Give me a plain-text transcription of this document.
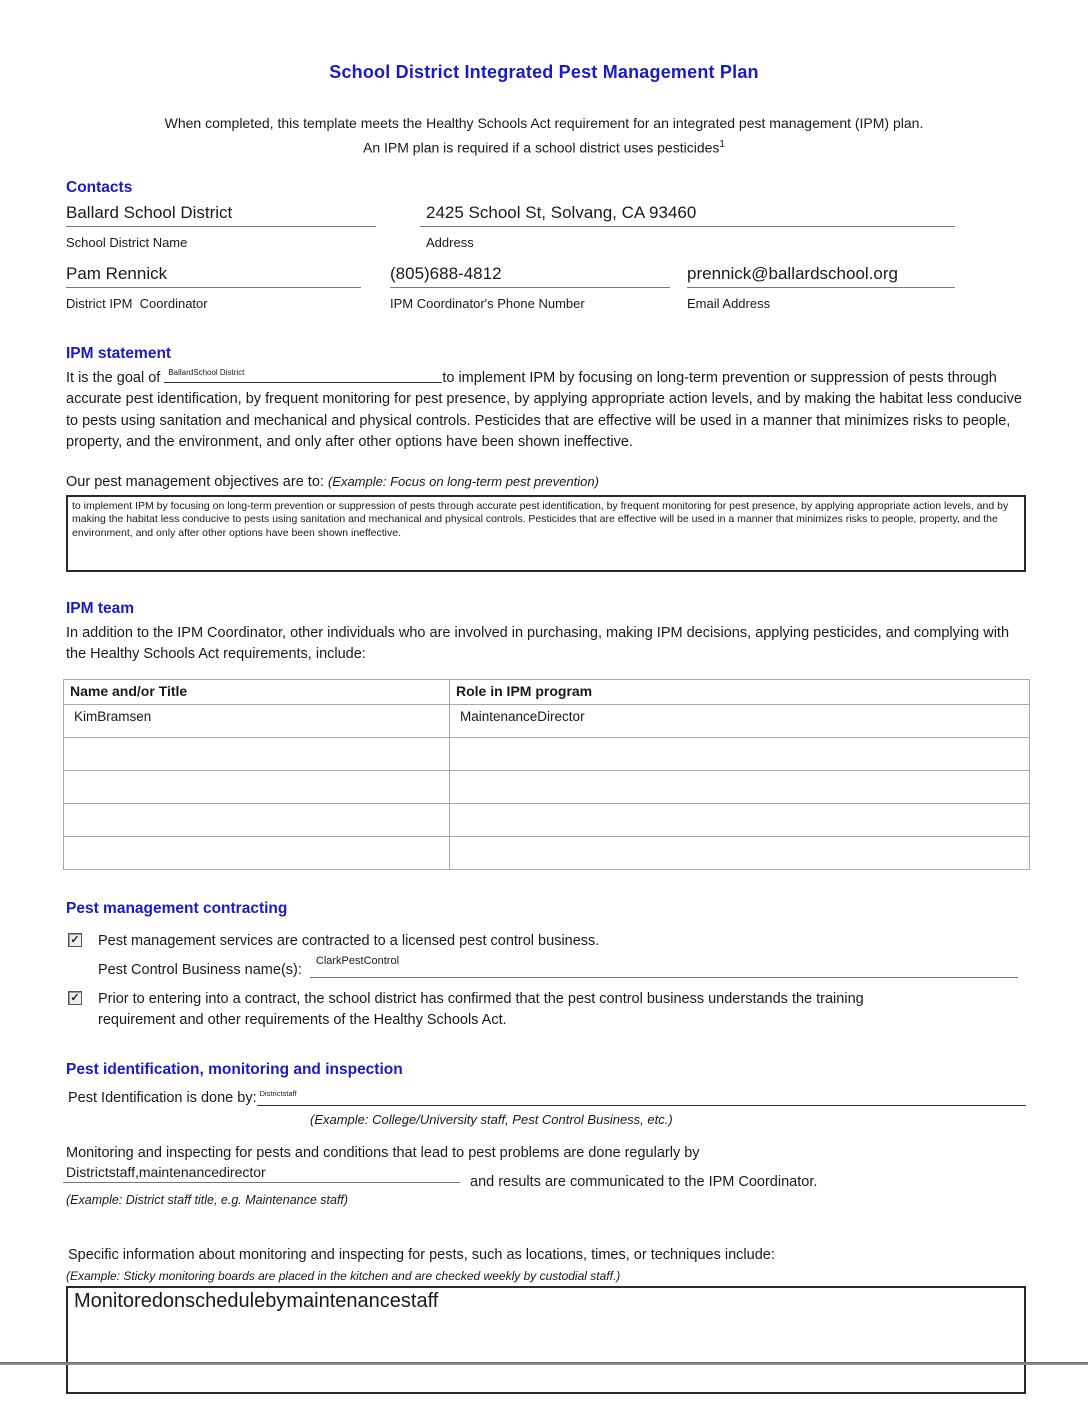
School District Integrated Pest Management Plan
When completed, this template meets the Healthy Schools Act requirement for an integrated pest management (IPM) plan.
An IPM plan is required if a school district uses pesticides$^1$
Contacts
Ballard School District
School District Name
2425 School St, Solvang, CA 93460
Address
Pam Rennick
District IPM  Coordinator
(805)688-4812
IPM Coordinator's Phone Number
prennick@ballardschool.org
Email Address
IPM statement
It is the goal of $^{BallardSchool District}$	to implement IPM by focusing on long-term prevention or suppression of pests through accurate pest identification, by frequent monitoring for pest presence, by applying appropriate action levels, and by making the habitat less conducive to pests using sanitation and mechanical and physical controls. Pesticides that are effective will be used in a manner that minimizes risks to people, property, and the environment, and only after other options have been shown ineffective.
Our pest management objectives are to: (Example: Focus on long-term pest prevention)
to implement IPM by focusing on long-term prevention or suppression of pests through accurate pest identification, by frequent monitoring for pest presence, by applying appropriate action levels, and by making the habitat less conducive to pests using sanitation and mechanical and physical controls. Pesticides that are effective will be used in a manner that minimizes risks to people, property, and the environment, and only after other options have been shown ineffective.
IPM team
In addition to the IPM Coordinator, other individuals who are involved in purchasing, making IPM decisions, applying pesticides, and complying with the Healthy Schools Act requirements, include:
Name and/or Title	Role in IPM program
KimBramsen	MaintenanceDirector

Pest management contracting
✓ Pest management services are contracted to a licensed pest control business.
Pest Control Business name(s):
$^{ClarkPestControl}$
✓ Prior to entering into a contract, the school district has confirmed that the pest control business understands the training requirement and other requirements of the Healthy Schools Act.
Pest identification, monitoring and inspection
Pest Identification is done by: $^{Districtstaff}$
(Example: College/University staff, Pest Control Business, etc.)
Monitoring and inspecting for pests and conditions that lead to pest problems are done regularly by
Districtstaff,maintenancedirector
and results are communicated to the IPM Coordinator.
(Example: District staff title, e.g. Maintenance staff)
Specific information about monitoring and inspecting for pests, such as locations, times, or techniques include:
(Example: Sticky monitoring boards are placed in the kitchen and are checked weekly by custodial staff.)
Monitoredonschedulebymaintenancestaff
